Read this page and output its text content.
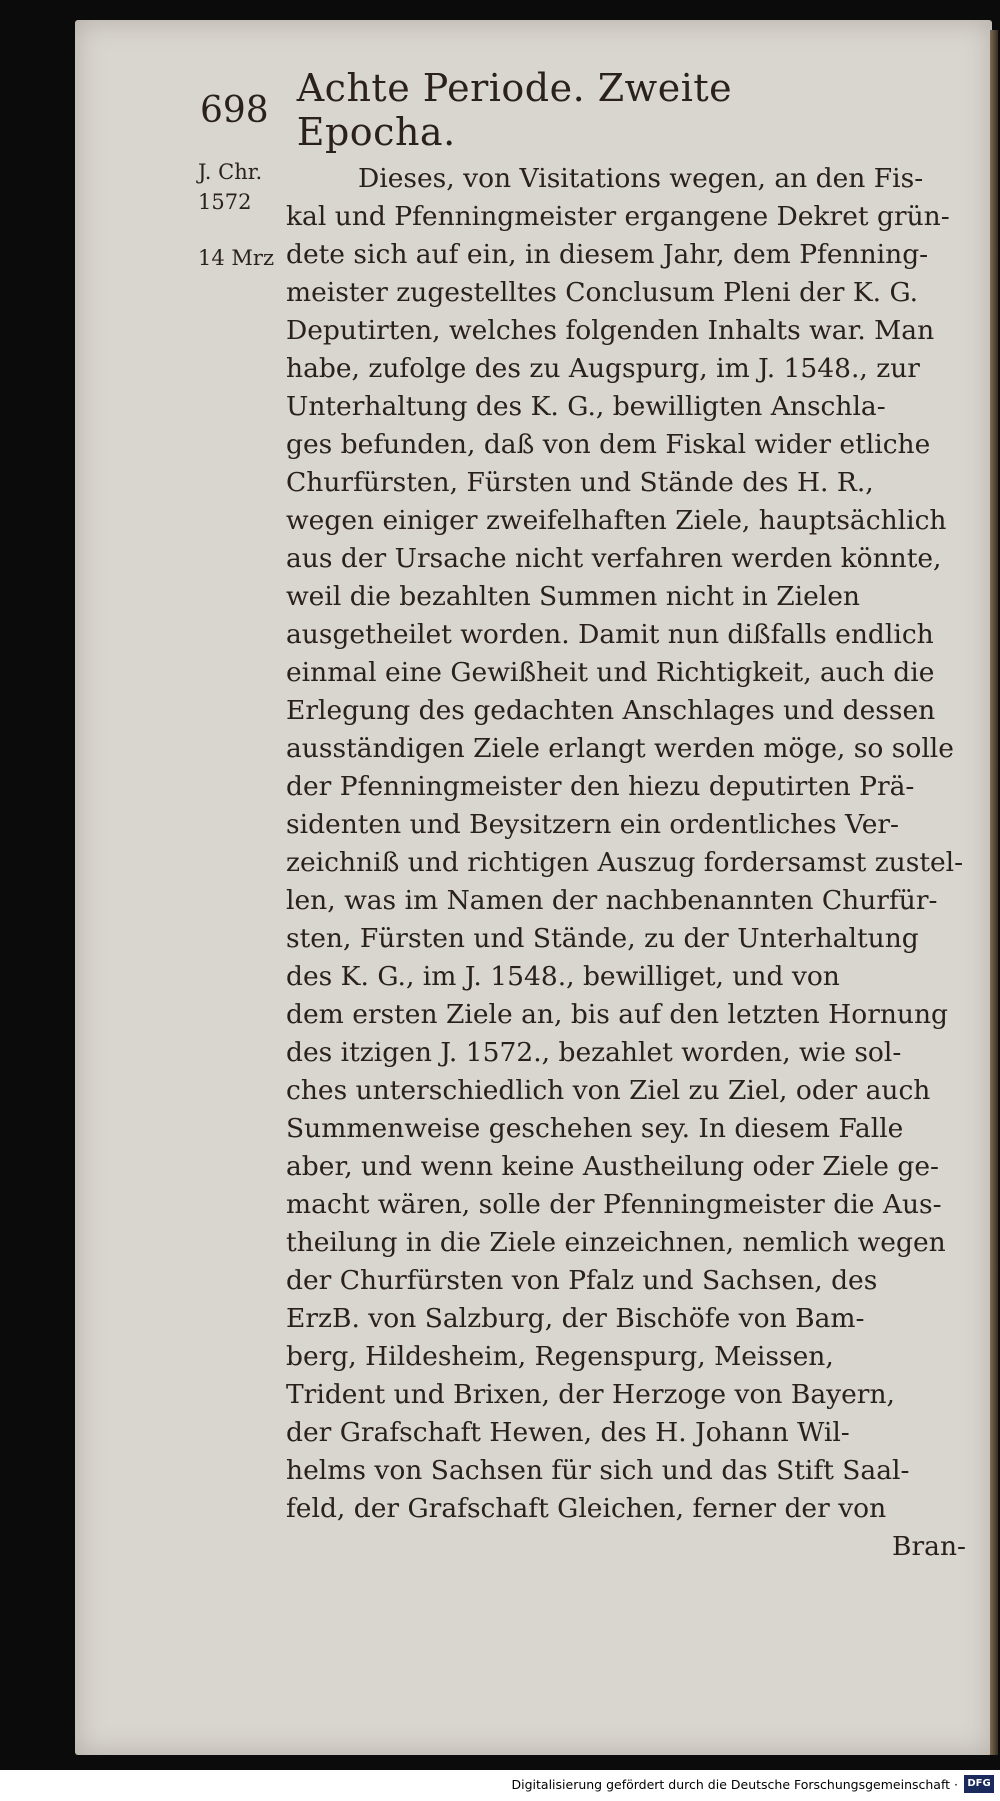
698 Achte Periode. Zweite Epocha.
J. Chr.
1572
14 Mrz
Dieses, von Visitations wegen, an den Fis-
kal und Pfenningmeister ergangene Dekret grün-
dete sich auf ein, in diesem Jahr, dem Pfenning-
meister zugestelltes Conclusum Pleni der K. G.
Deputirten, welches folgenden Inhalts war. Man
habe, zufolge des zu Augspurg, im J. 1548., zur
Unterhaltung des K. G., bewilligten Anschla-
ges befunden, daß von dem Fiskal wider etliche
Churfürsten, Fürsten und Stände des H. R.,
wegen einiger zweifelhaften Ziele, hauptsächlich
aus der Ursache nicht verfahren werden könnte,
weil die bezahlten Summen nicht in Zielen
ausgetheilet worden. Damit nun dißfalls endlich
einmal eine Gewißheit und Richtigkeit, auch die
Erlegung des gedachten Anschlages und dessen
ausständigen Ziele erlangt werden möge, so solle
der Pfenningmeister den hiezu deputirten Prä-
sidenten und Beysitzern ein ordentliches Ver-
zeichniß und richtigen Auszug fordersamst zustel-
len, was im Namen der nachbenannten Churfür-
sten, Fürsten und Stände, zu der Unterhaltung
des K. G., im J. 1548., bewilliget, und von
dem ersten Ziele an, bis auf den letzten Hornung
des itzigen J. 1572., bezahlet worden, wie sol-
ches unterschiedlich von Ziel zu Ziel, oder auch
Summenweise geschehen sey. In diesem Falle
aber, und wenn keine Austheilung oder Ziele ge-
macht wären, solle der Pfenningmeister die Aus-
theilung in die Ziele einzeichnen, nemlich wegen
der Churfürsten von Pfalz und Sachsen, des
ErzB. von Salzburg, der Bischöfe von Bam-
berg, Hildesheim, Regenspurg, Meissen,
Trident und Brixen, der Herzoge von Bayern,
der Grafschaft Hewen, des H. Johann Wil-
helms von Sachsen für sich und das Stift Saal-
feld, der Grafschaft Gleichen, ferner der von
Bran-
Digitalisierung gefördert durch die Deutsche Forschungsgemeinschaft · DFG
